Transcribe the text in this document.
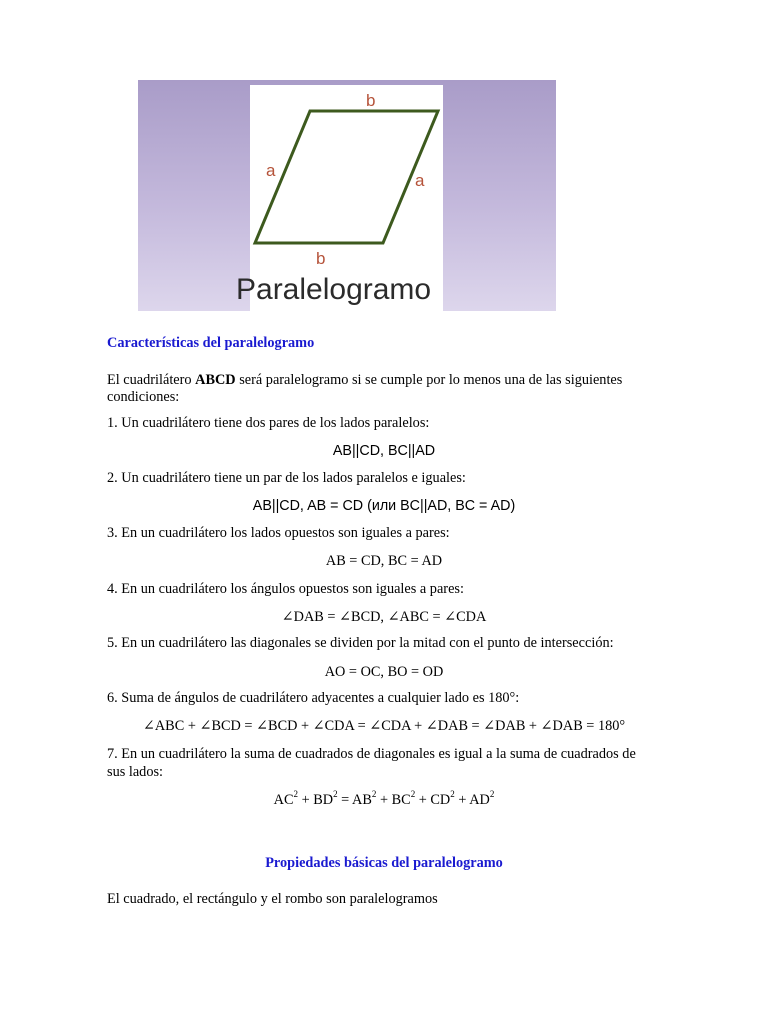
b
b
a
a
Paralelogramo
Características del paralelogramo
El cuadrilátero ABCD será paralelogramo si se cumple por lo menos una de las siguientes
condiciones:
1. Un cuadrilátero tiene dos pares de los lados paralelos:
AB||CD, BC||AD
2. Un cuadrilátero tiene un par de los lados paralelos e iguales:
AB||CD, AB = CD (или BC||AD, BC = AD)
3. En un cuadrilátero los lados opuestos son iguales a pares:
AB = CD, BC = AD
4. En un cuadrilátero los ángulos opuestos son iguales a pares:
∠DAB = ∠BCD, ∠ABC = ∠CDA
5. En un cuadrilátero las diagonales se dividen por la mitad con el punto de intersección:
AO = OC, BO = OD
6. Suma de ángulos de cuadrilátero adyacentes a cualquier lado es 180°:
∠ABC + ∠BCD = ∠BCD + ∠CDA = ∠CDA + ∠DAB = ∠DAB + ∠DAB = 180°
7. En un cuadrilátero la suma de cuadrados de diagonales es igual a la suma de cuadrados de
sus lados:
$AC^2 + BD^2 = AB^2 + BC^2 + CD^2 + AD^2$
Propiedades básicas del paralelogramo
El cuadrado, el rectángulo y el rombo son paralelogramos
